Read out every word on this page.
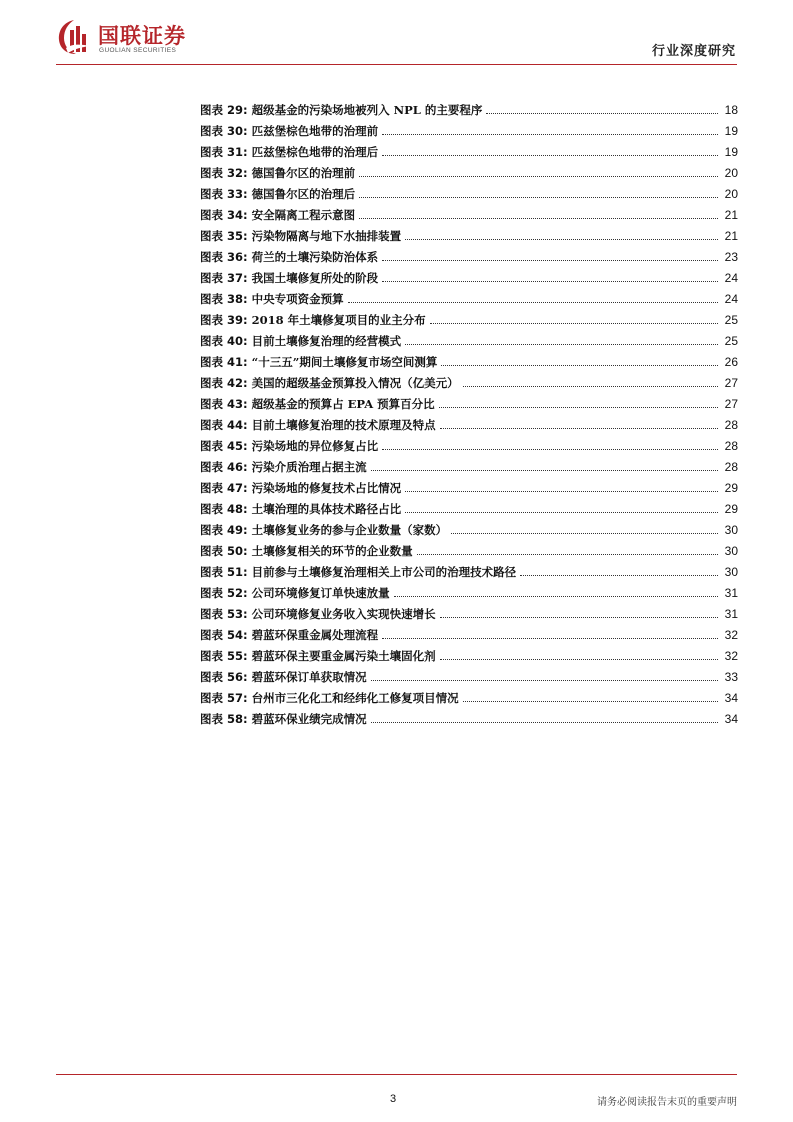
国联证券
GUOLIAN SECURITIES	行业深度研究
图表 29: 超级基金的污染场地被列入 NPL 的主要程序	18
图表 30: 匹兹堡棕色地带的治理前	19
图表 31: 匹兹堡棕色地带的治理后	19
图表 32: 德国鲁尔区的治理前	20
图表 33: 德国鲁尔区的治理后	20
图表 34: 安全隔离工程示意图	21
图表 35: 污染物隔离与地下水抽排装置	21
图表 36: 荷兰的土壤污染防治体系	23
图表 37: 我国土壤修复所处的阶段	24
图表 38: 中央专项资金预算	24
图表 39: 2018 年土壤修复项目的业主分布	25
图表 40: 目前土壤修复治理的经营模式	25
图表 41: “十三五”期间土壤修复市场空间测算	26
图表 42: 美国的超级基金预算投入情况（亿美元）	27
图表 43: 超级基金的预算占 EPA 预算百分比	27
图表 44: 目前土壤修复治理的技术原理及特点	28
图表 45: 污染场地的异位修复占比	28
图表 46: 污染介质治理占据主流	28
图表 47: 污染场地的修复技术占比情况	29
图表 48: 土壤治理的具体技术路径占比	29
图表 49: 土壤修复业务的参与企业数量（家数）	30
图表 50: 土壤修复相关的环节的企业数量	30
图表 51: 目前参与土壤修复治理相关上市公司的治理技术路径	30
图表 52: 公司环境修复订单快速放量	31
图表 53: 公司环境修复业务收入实现快速增长	31
图表 54: 碧蓝环保重金属处理流程	32
图表 55: 碧蓝环保主要重金属污染土壤固化剂	32
图表 56: 碧蓝环保订单获取情况	33
图表 57: 台州市三化化工和经纬化工修复项目情况	34
图表 58: 碧蓝环保业绩完成情况	34
3	请务必阅读报告末页的重要声明
